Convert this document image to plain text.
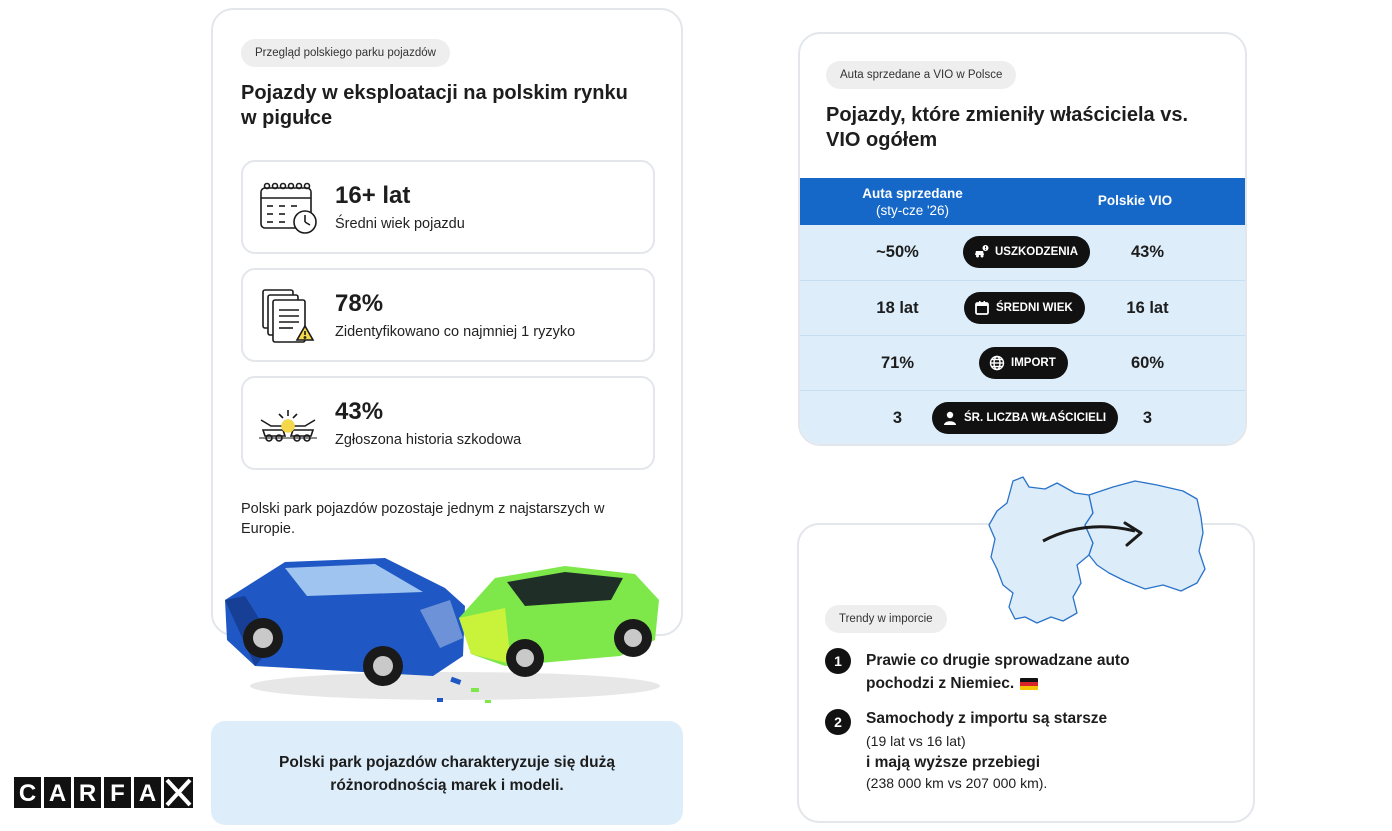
Przegląd polskiego parku pojazdów
Pojazdy w eksploatacji na polskim rynku
w pigułce
16+ lat
Średni wiek pojazdu
78%
Zidentyfikowano co najmniej 1 ryzyko
43%
Zgłoszona historia szkodowa
Polski park pojazdów pozostaje jednym z najstarszych w
Europie.
Polski park pojazdów charakteryzuje się dużą
różnorodnością marek i modeli.
C A R F A
Auta sprzedane a VIO w Polsce
Pojazdy, które zmieniły właściciela vs.
VIO ogółem
Auta sprzedane
(sty-cze '26)
Polskie VIO
~50%	USZKODZENIA	43%
18 lat	ŚREDNI WIEK	16 lat
71%	IMPORT	60%
3	ŚR. LICZBA WŁAŚCICIELI	3
Trendy w imporcie
1	Prawie co drugie sprowadzane auto
pochodzi z Niemiec.
2	Samochody z importu są starsze
(19 lat vs 16 lat)
i mają wyższe przebiegi
(238 000 km vs 207 000 km).
